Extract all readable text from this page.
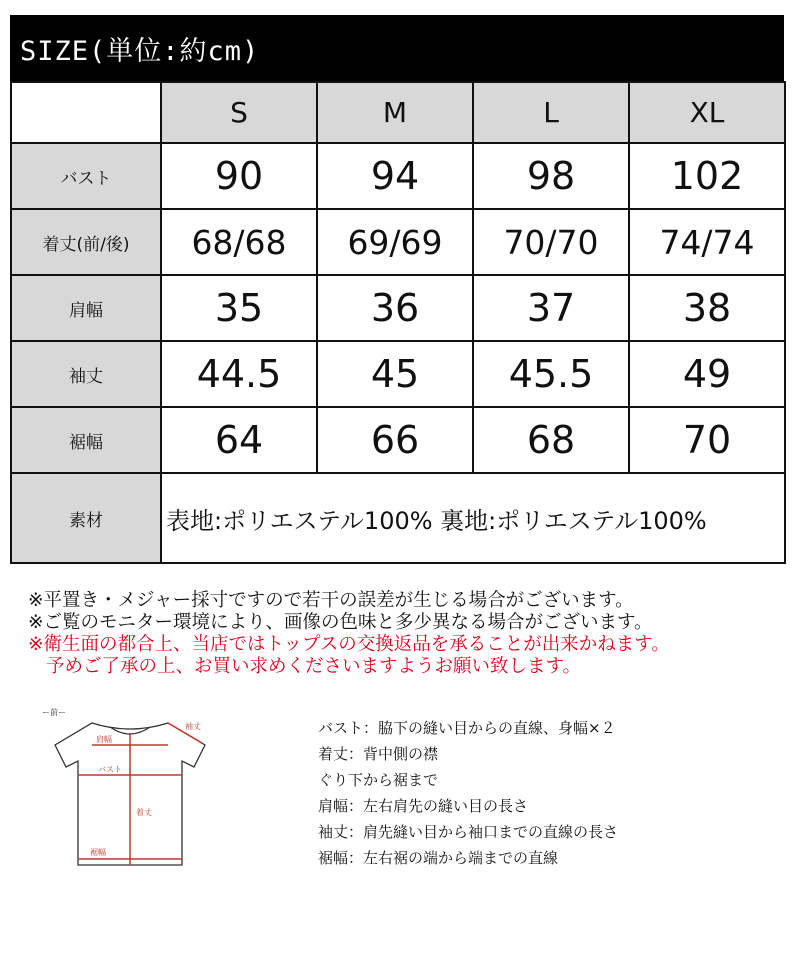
SIZE(単位:約cm)
	S	M	L	XL
バスト	90	94	98	102
着丈(前/後)	68/68	69/69	70/70	74/74
肩幅	35	36	37	38
袖丈	44.5	45	45.5	49
裾幅	64	66	68	70
素材	表地:ポリエステル100% 裏地:ポリエステル100%			
※平置き・メジャー採寸ですので若干の誤差が生じる場合がございます。
※ご覧のモニター環境により、画像の色味と多少異なる場合がございます。
※衛生面の都合上、当店ではトップスの交換返品を承ることが出来かねます。
予めご了承の上、お買い求めくださいますようお願い致します。
ー前ー
袖丈
肩幅
バスト
着丈
裾幅
バスト：脇下の縫い目からの直線、身幅×２
着丈：背中側の襟
ぐり下から裾まで
肩幅：左右肩先の縫い目の長さ
袖丈：肩先縫い目から袖口までの直線の長さ
裾幅：左右裾の端から端までの直線
